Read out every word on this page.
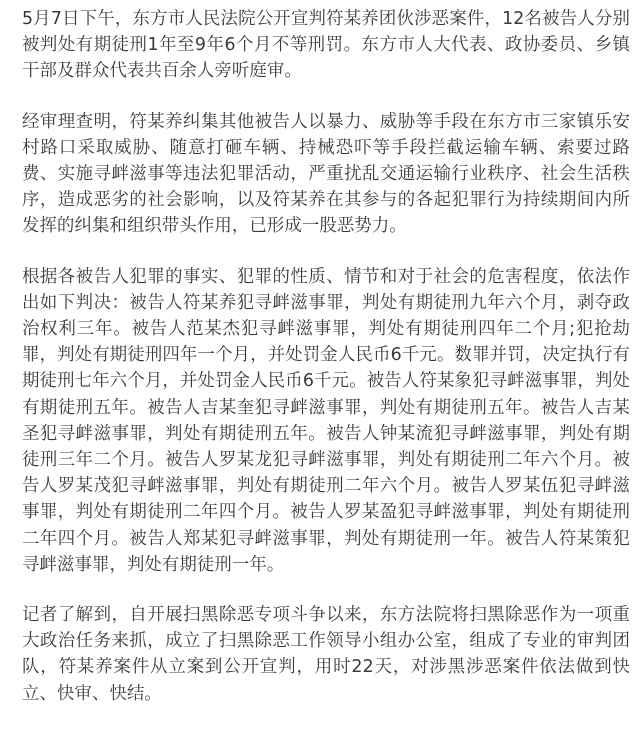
5月7日下午，东方市人民法院公开宣判符某养团伙涉恶案件，12名被告人分别被判处有期徒刑1年至9年6个月不等刑罚。东方市人大代表、政协委员、乡镇干部及群众代表共百余人旁听庭审。

经审理查明，符某养纠集其他被告人以暴力、威胁等手段在东方市三家镇乐安村路口采取威胁、随意打砸车辆、持械恐吓等手段拦截运输车辆、索要过路费、实施寻衅滋事等违法犯罪活动，严重扰乱交通运输行业秩序、社会生活秩序，造成恶劣的社会影响，以及符某养在其参与的各起犯罪行为持续期间内所发挥的纠集和组织带头作用，已形成一股恶势力。

根据各被告人犯罪的事实、犯罪的性质、情节和对于社会的危害程度，依法作出如下判决：被告人符某养犯寻衅滋事罪，判处有期徒刑九年六个月，剥夺政治权利三年。被告人范某杰犯寻衅滋事罪，判处有期徒刑四年二个月;犯抢劫罪，判处有期徒刑四年一个月，并处罚金人民币6千元。数罪并罚，决定执行有期徒刑七年六个月，并处罚金人民币6千元。被告人符某象犯寻衅滋事罪，判处有期徒刑五年。被告人吉某奎犯寻衅滋事罪，判处有期徒刑五年。被告人吉某圣犯寻衅滋事罪，判处有期徒刑五年。被告人钟某流犯寻衅滋事罪，判处有期徒刑三年二个月。被告人罗某龙犯寻衅滋事罪，判处有期徒刑二年六个月。被告人罗某茂犯寻衅滋事罪，判处有期徒刑二年六个月。被告人罗某伍犯寻衅滋事罪，判处有期徒刑二年四个月。被告人罗某盈犯寻衅滋事罪，判处有期徒刑二年四个月。被告人郑某犯寻衅滋事罪，判处有期徒刑一年。被告人符某策犯寻衅滋事罪，判处有期徒刑一年。

记者了解到，自开展扫黑除恶专项斗争以来，东方法院将扫黑除恶作为一项重大政治任务来抓，成立了扫黑除恶工作领导小组办公室，组成了专业的审判团队，符某养案件从立案到公开宣判，用时22天，对涉黑涉恶案件依法做到快立、快审、快结。
